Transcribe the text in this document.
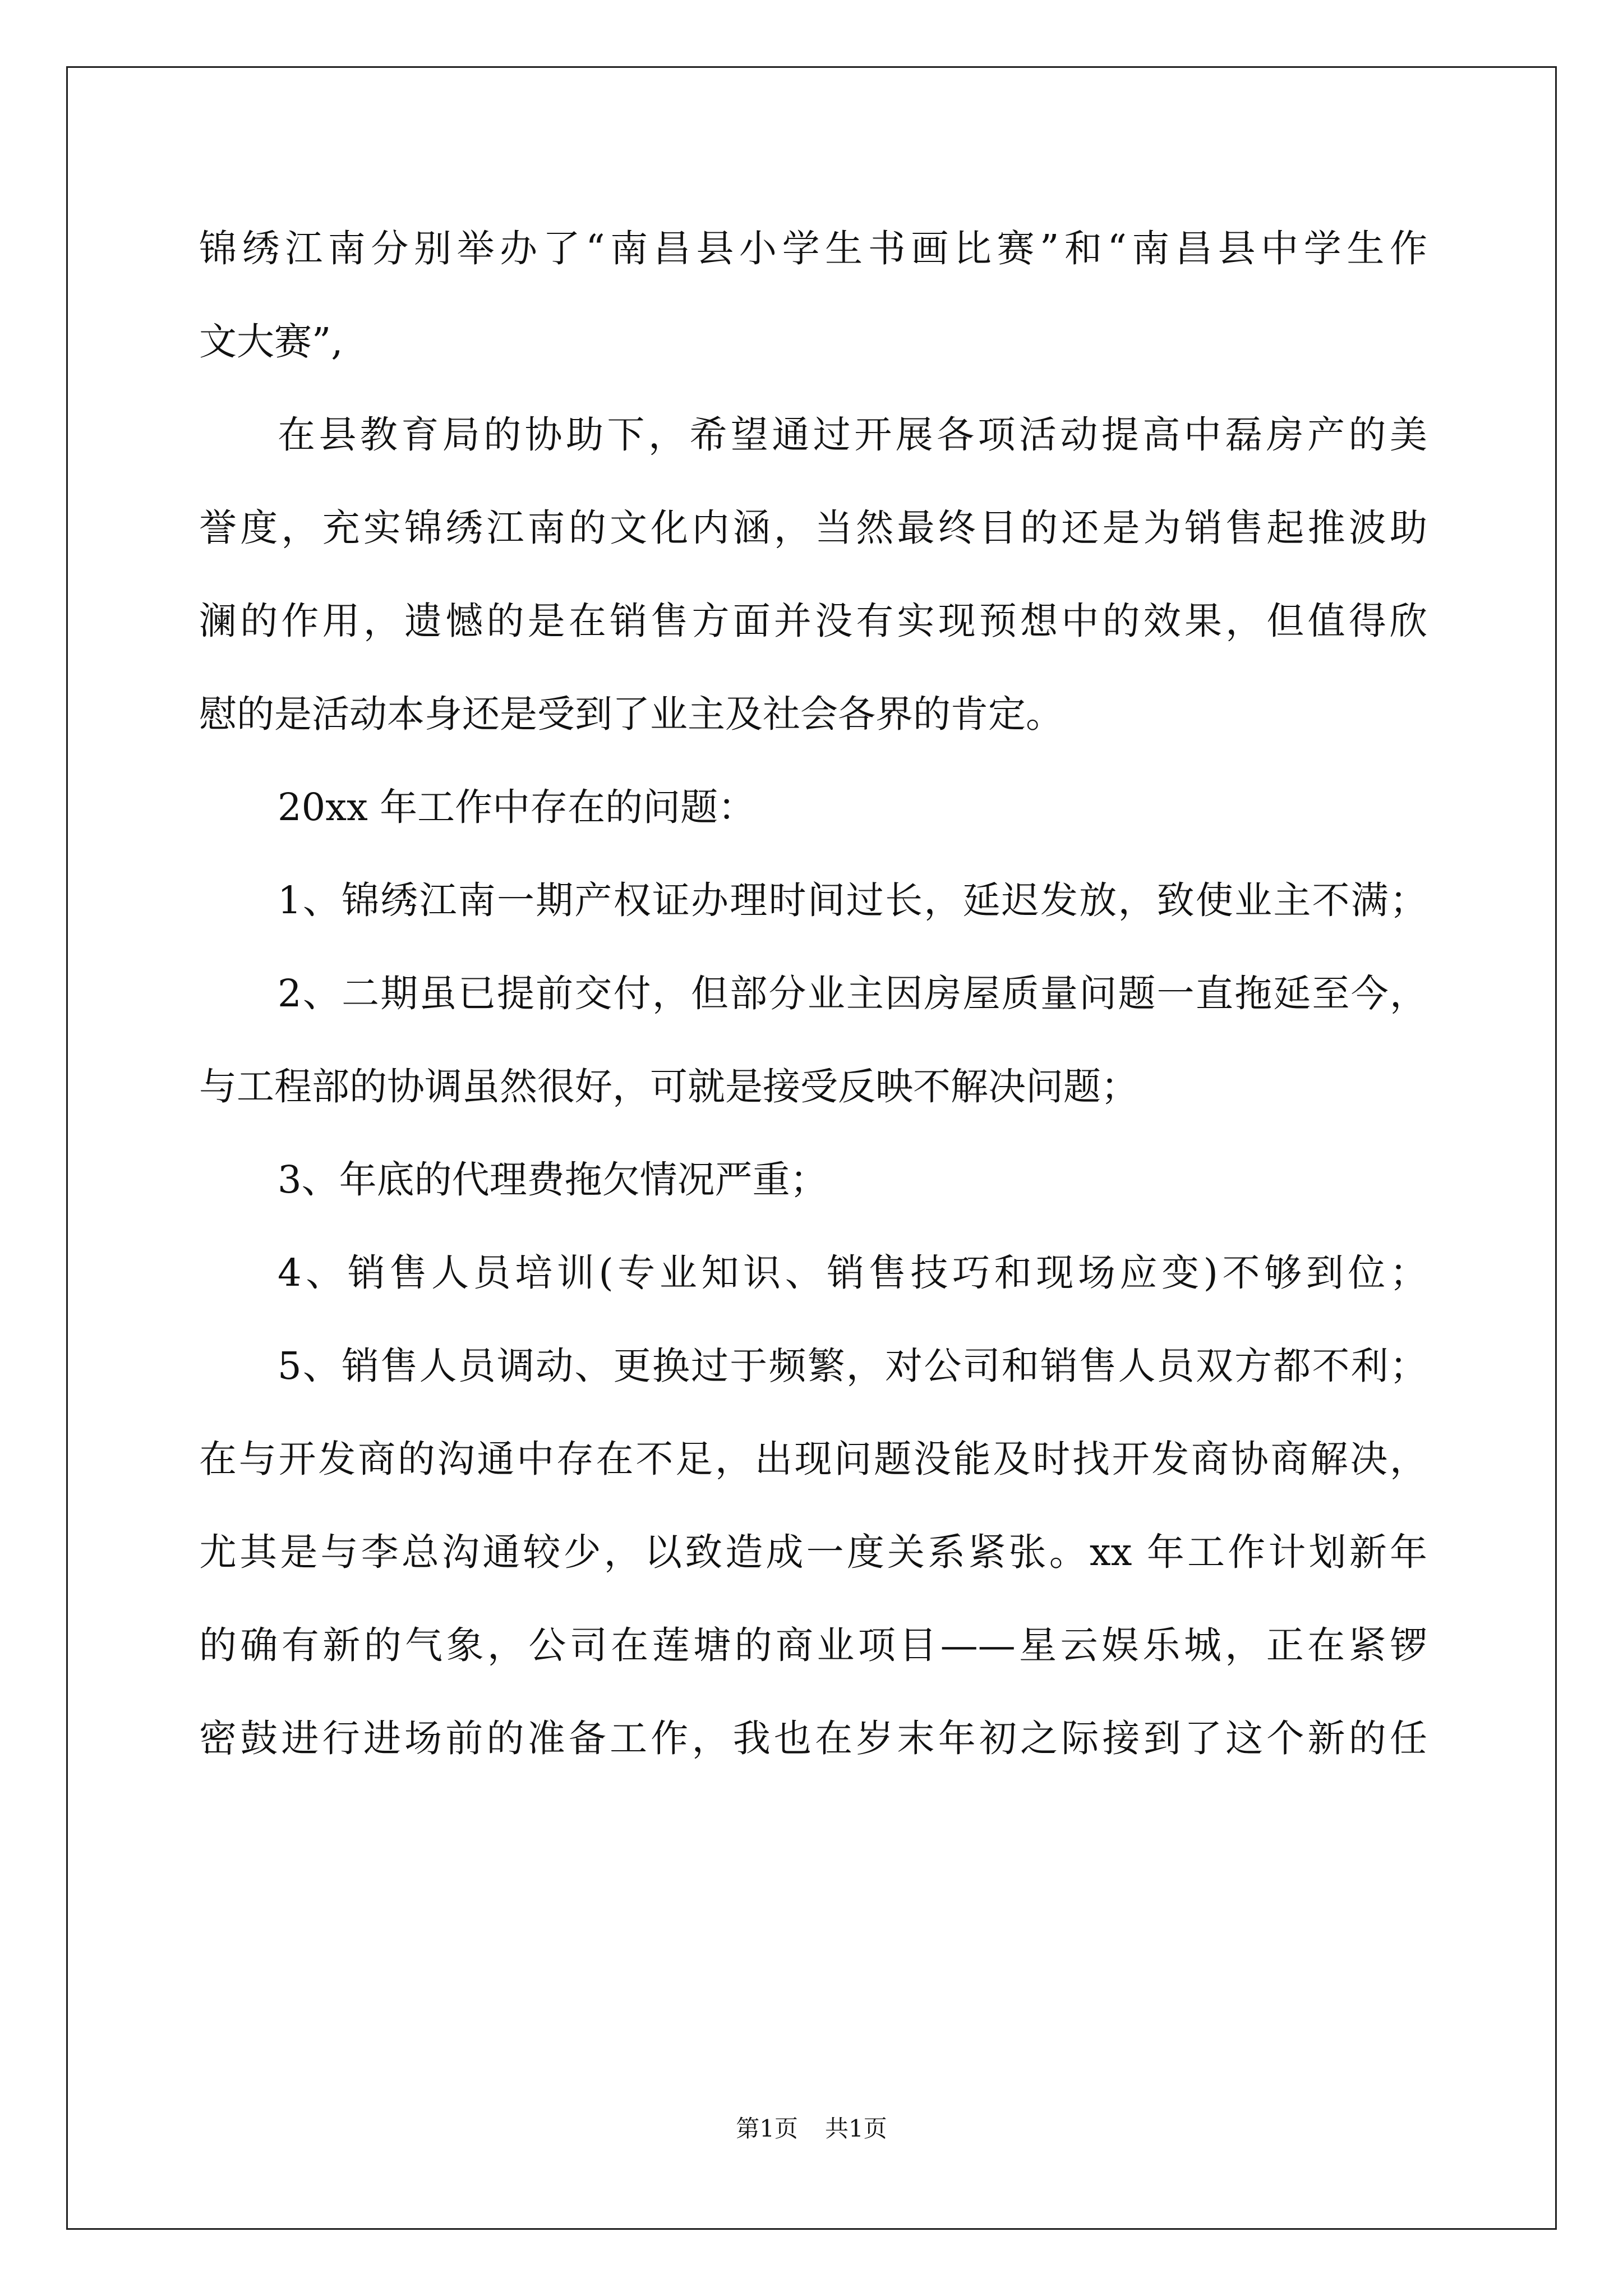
锦绣江南分别举办了“南昌县小学生书画比赛”和“南昌县中学生作
文大赛”,
在县教育局的协助下，希望通过开展各项活动提高中磊房产的美
誉度，充实锦绣江南的文化内涵，当然最终目的还是为销售起推波助
澜的作用，遗憾的是在销售方面并没有实现预想中的效果，但值得欣
慰的是活动本身还是受到了业主及社会各界的肯定。
20xx 年工作中存在的问题：
1、锦绣江南一期产权证办理时间过长，延迟发放，致使业主不满；
2、二期虽已提前交付，但部分业主因房屋质量问题一直拖延至今，
与工程部的协调虽然很好，可就是接受反映不解决问题；
3、年底的代理费拖欠情况严重；
4、销售人员培训(专业知识、销售技巧和现场应变)不够到位；
5、销售人员调动、更换过于频繁，对公司和销售人员双方都不利；
在与开发商的沟通中存在不足，出现问题没能及时找开发商协商解决，
尤其是与李总沟通较少，以致造成一度关系紧张。xx 年工作计划新年
的确有新的气象，公司在莲塘的商业项目——星云娱乐城，正在紧锣
密鼓进行进场前的准备工作，我也在岁末年初之际接到了这个新的任
第1页 共1页
